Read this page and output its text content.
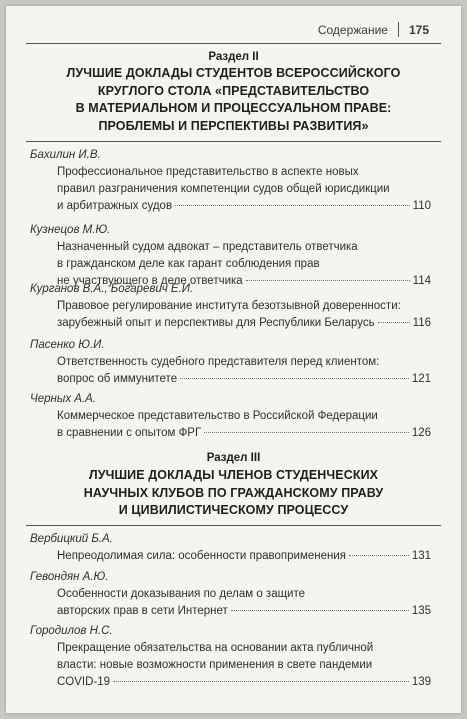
Содержание 175
Раздел II
ЛУЧШИЕ ДОКЛАДЫ СТУДЕНТОВ ВСЕРОССИЙСКОГО
КРУГЛОГО СТОЛА «ПРЕДСТАВИТЕЛЬСТВО
В МАТЕРИАЛЬНОМ И ПРОЦЕССУАЛЬНОМ ПРАВЕ:
ПРОБЛЕМЫ И ПЕРСПЕКТИВЫ РАЗВИТИЯ»
Бахилин И.В.
Профессиональное представительство в аспекте новых
правил разграничения компетенции судов общей юрисдикции
и арбитражных судов	110
Кузнецов М.Ю.
Назначенный судом адвокат – представитель ответчика
в гражданском деле как гарант соблюдения прав
не участвующего в деле ответчика	114
Курганов В.А., Богаревич Е.И.
Правовое регулирование института безотзывной доверенности:
зарубежный опыт и перспективы для Республики Беларусь	116
Пасенко Ю.И.
Ответственность судебного представителя перед клиентом:
вопрос об иммунитете	121
Черных А.А.
Коммерческое представительство в Российской Федерации
в сравнении с опытом ФРГ	126
Раздел III
ЛУЧШИЕ ДОКЛАДЫ ЧЛЕНОВ СТУДЕНЧЕСКИХ
НАУЧНЫХ КЛУБОВ ПО ГРАЖДАНСКОМУ ПРАВУ
И ЦИВИЛИСТИЧЕСКОМУ ПРОЦЕССУ
Вербицкий Б.А.
Непреодолимая сила: особенности правоприменения	131
Гевондян А.Ю.
Особенности доказывания по делам о защите
авторских прав в сети Интернет	135
Городилов Н.С.
Прекращение обязательства на основании акта публичной
власти: новые возможности применения в свете пандемии
COVID-19	139
